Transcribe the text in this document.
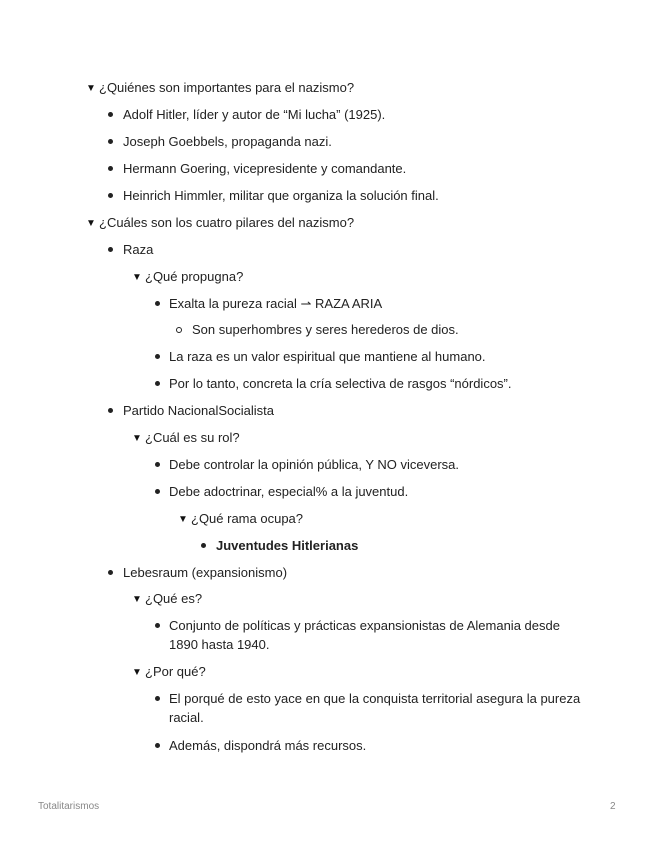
▼ ¿Quiénes son importantes para el nazismo?
Adolf Hitler, líder y autor de “Mi lucha” (1925).
Joseph Goebbels, propaganda nazi.
Hermann Goering, vicepresidente y comandante.
Heinrich Himmler, militar que organiza la solución final.
▼ ¿Cuáles son los cuatro pilares del nazismo?
Raza
▼ ¿Qué propugna?
Exalta la pureza racial ⇀ RAZA ARIA
Son superhombres y seres herederos de dios.
La raza es un valor espiritual que mantiene al humano.
Por lo tanto, concreta la cría selectiva de rasgos “nórdicos”.
Partido NacionalSocialista
▼ ¿Cuál es su rol?
Debe controlar la opinión pública, Y NO viceversa.
Debe adoctrinar, especial% a la juventud.
▼ ¿Qué rama ocupa?
Juventudes Hitlerianas
Lebesraum (expansionismo)
▼ ¿Qué es?
Conjunto de políticas y prácticas expansionistas de Alemania desde 1890 hasta 1940.
▼ ¿Por qué?
El porqué de esto yace en que la conquista territorial asegura la pureza racial.
Además, dispondrá más recursos.
Totalitarismos	2
